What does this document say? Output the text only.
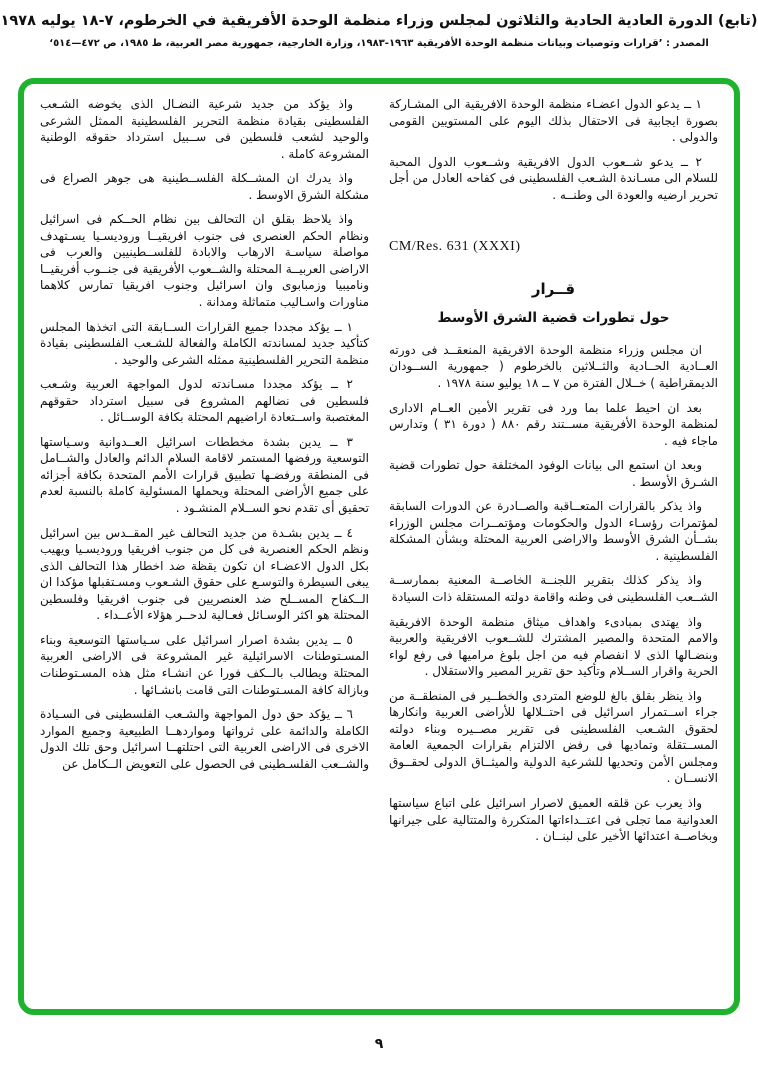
(تابع) الدورة العادية الحادية والثلاثون لمجلس وزراء منظمة الوحدة الأفريقية في الخرطوم، ٧-١٨ يوليه ١٩٧٨
المصدر : ’قرارات وتوصيات وبيانات منظمة الوحدة الأفريقية ١٩٦٣-١٩٨٣، وزارة الخارجية، جمهورية مصر العربية، ط ١٩٨٥، ص ٤٧٢—٥١٤‘

١ ــ يدعو الدول اعضـاء منظمة الوحدة الافريقية الى المشـاركة بصورة ايجابية فى الاحتفال بذلك اليوم على المستويين القومى والدولى .

٢ ــ يدعو شــعوب الدول الافريقية وشــعوب الدول المحبة للسلام الى مسـاندة الشـعب الفلسطينى فى كفاحه العادل من أجل تحرير ارضيه والعودة الى وطنــه .

CM/Res. 631 (XXXI)

قــرار

حول تطورات قضية الشرق الأوسط

ان مجلس وزراء منظمة الوحدة الافريقية المنعقــد فى دورته العــادية الحــادية والثــلاثين بالخرطوم ( جمهورية الســودان الديمقراطية ) خــلال الفترة من ٧ ــ ١٨ يوليو سنة ١٩٧٨ .

بعد ان احيط علما بما ورد فى تقرير الأمين العــام الادارى لمنظمة الوحدة الأفريقية مســتند رقم ٨٨٠ ( دورة ٣١ ) وتدارس ماجاء فيه .

وبعد ان استمع الى بيانات الوفود المختلفة حول تطورات قضية الشـرق الأوسط .

واذ يذكر بالقرارات المتعــاقبة والصــادرة عن الدورات السابقة لمؤتمرات رؤسـاء الدول والحكومات ومؤتمــرات مجلس الوزراء بشــأن الشرق الأوسط والاراضى العربية المحتلة وبشأن المشكلة الفلسطينية .

واذ يذكر كذلك بتقرير اللجنــة الخاصــة المعنية بممارســة الشــعب الفلسطينى فى وطنه واقامة دولته المستقلة ذات السيادة

واذ يهتدى بمبادىء واهداف ميثاق منظمة الوحدة الافريقية والامم المتحدة والمصير المشترك للشــعوب الافريقية والعربية وبنضـالها الذى لا انفصام فيه من اجل بلوغ مراميها فى رفع لواء الحرية واقرار الســلام وتأكيد حق تقرير المصير والاستقلال .

واذ ينظر بقلق بالغ للوضع المتردى والخطــير فى المنطقــة من جراء اســتمرار اسرائيل فى احتــلالها للأراضى العربية وانكارها لحقوق الشـعب الفلسطينى فى تقرير مصــيره وبناء دولته المســتقلة وتماديها فى رفض الالتزام بقرارات الجمعية العامة ومجلس الأمن وتحديها للشرعية الدولية والميثــاق الدولى لحقــوق الانســان .

واذ يعرب عن قلقه العميق لاصرار اسرائيل على اتباع سياستها العدوانية مما تجلى فى اعتــداءاتها المتكررة والمتتالية على جيرانها وبخاصــة اعتدائها الأخير على لبنــان .

واذ يؤكد من جديد شرعية النضـال الذى يخوضه الشـعب الفلسطينى بقيادة منظمة التحرير الفلسطينية الممثل الشرعى والوحيد لشعب فلسطين فى ســبيل استرداد حقوقه الوطنية المشروعة كاملة .

واذ يدرك ان المشــكلة الفلســطينية هى جوهر الصراع فى مشكلة الشرق الاوسط .

واذ يلاحظ بقلق ان التحالف بين نظام الحــكم فى اسرائيل ونظام الحكم العنصرى فى جنوب افريقيــا وروديسـيا يسـتهدف مواصلة سياسـة الارهاب والابادة للفلســطينيين والعرب فى الاراضى العربيــة المحتلة والشــعوب الأفريقية فى جنــوب أفريقيــا وناميبيا وزمبابوى وان اسرائيل وجنوب افريقيا تمارس كلاهما مناورات واسـاليب متماثلة ومدانة .

١ ــ يؤكد مجددا جميع القرارات الســابقة التى اتخذها المجلس كتأكيد جديد لمساندته الكاملة والفعالة للشـعب الفلسطينى بقيادة منظمة التحرير الفلسطينية ممثله الشرعى والوحيد .

٢ ــ يؤكد مجددا مسـاندته لدول المواجهة العربية وشـعب فلسطين فى نضالهم المشروع فى سبيل استرداد حقوقهم المغتصبة واســتعادة اراضيهم المحتلة بكافة الوســائل .

٣ ــ يدين بشدة مخططات اسرائيل العــدوانية وسـياستها التوسعية ورفضها المستمر لاقامة السلام الدائم والعادل والشــامل فى المنطقة ورفضـها تطبيق قرارات الأمم المتحدة بكافة أجزائه على جميع الأراضى المحتلة ويحملها المسئولية كاملة بالنسبة لعدم تحقيق أى تقدم نحو الســلام المنشـود .

٤ ــ يدين بشـدة من جديد التحالف غير المقــدس بين اسرائيل ونظم الحكم العنصرية فى كل من جنوب افريقيا وروديسـيا ويهيب بكل الدول الاعضـاء ان تكون يقظة ضد اخطار هذا التحالف الذى يبغى السيطرة والتوسـع على حقوق الشـعوب ومسـتقبلها مؤكدا ان الــكفاح المســلح ضد العنصريين فى جنوب افريقيا وفلسطين المحتلة هو اكثر الوسـائل فعـالية لدحــر هؤلاء الأعــداء .

٥ ــ يدين بشدة اصرار اسرائيل على سـياستها التوسعية وبناء المسـتوطنات الاسرائيلية غير المشروعة فى الاراضى العربية المحتلة ويطالب بالــكف فورا عن انشـاء مثل هذه المسـتوطنات وبازالة كافة المسـتوطنات التى قامت بانشـائها .

٦ ــ يؤكد حق دول المواجهة والشـعب الفلسطينى فى السـيادة الكاملة والدائمة على ثرواتها ومواردهــا الطبيعية وجميع الموارد الاخرى فى الاراضى العربية التى احتلتهــا اسرائيل وحق تلك الدول والشــعب الفلسـطينى فى الحصول على التعويض الــكامل عن

٩
